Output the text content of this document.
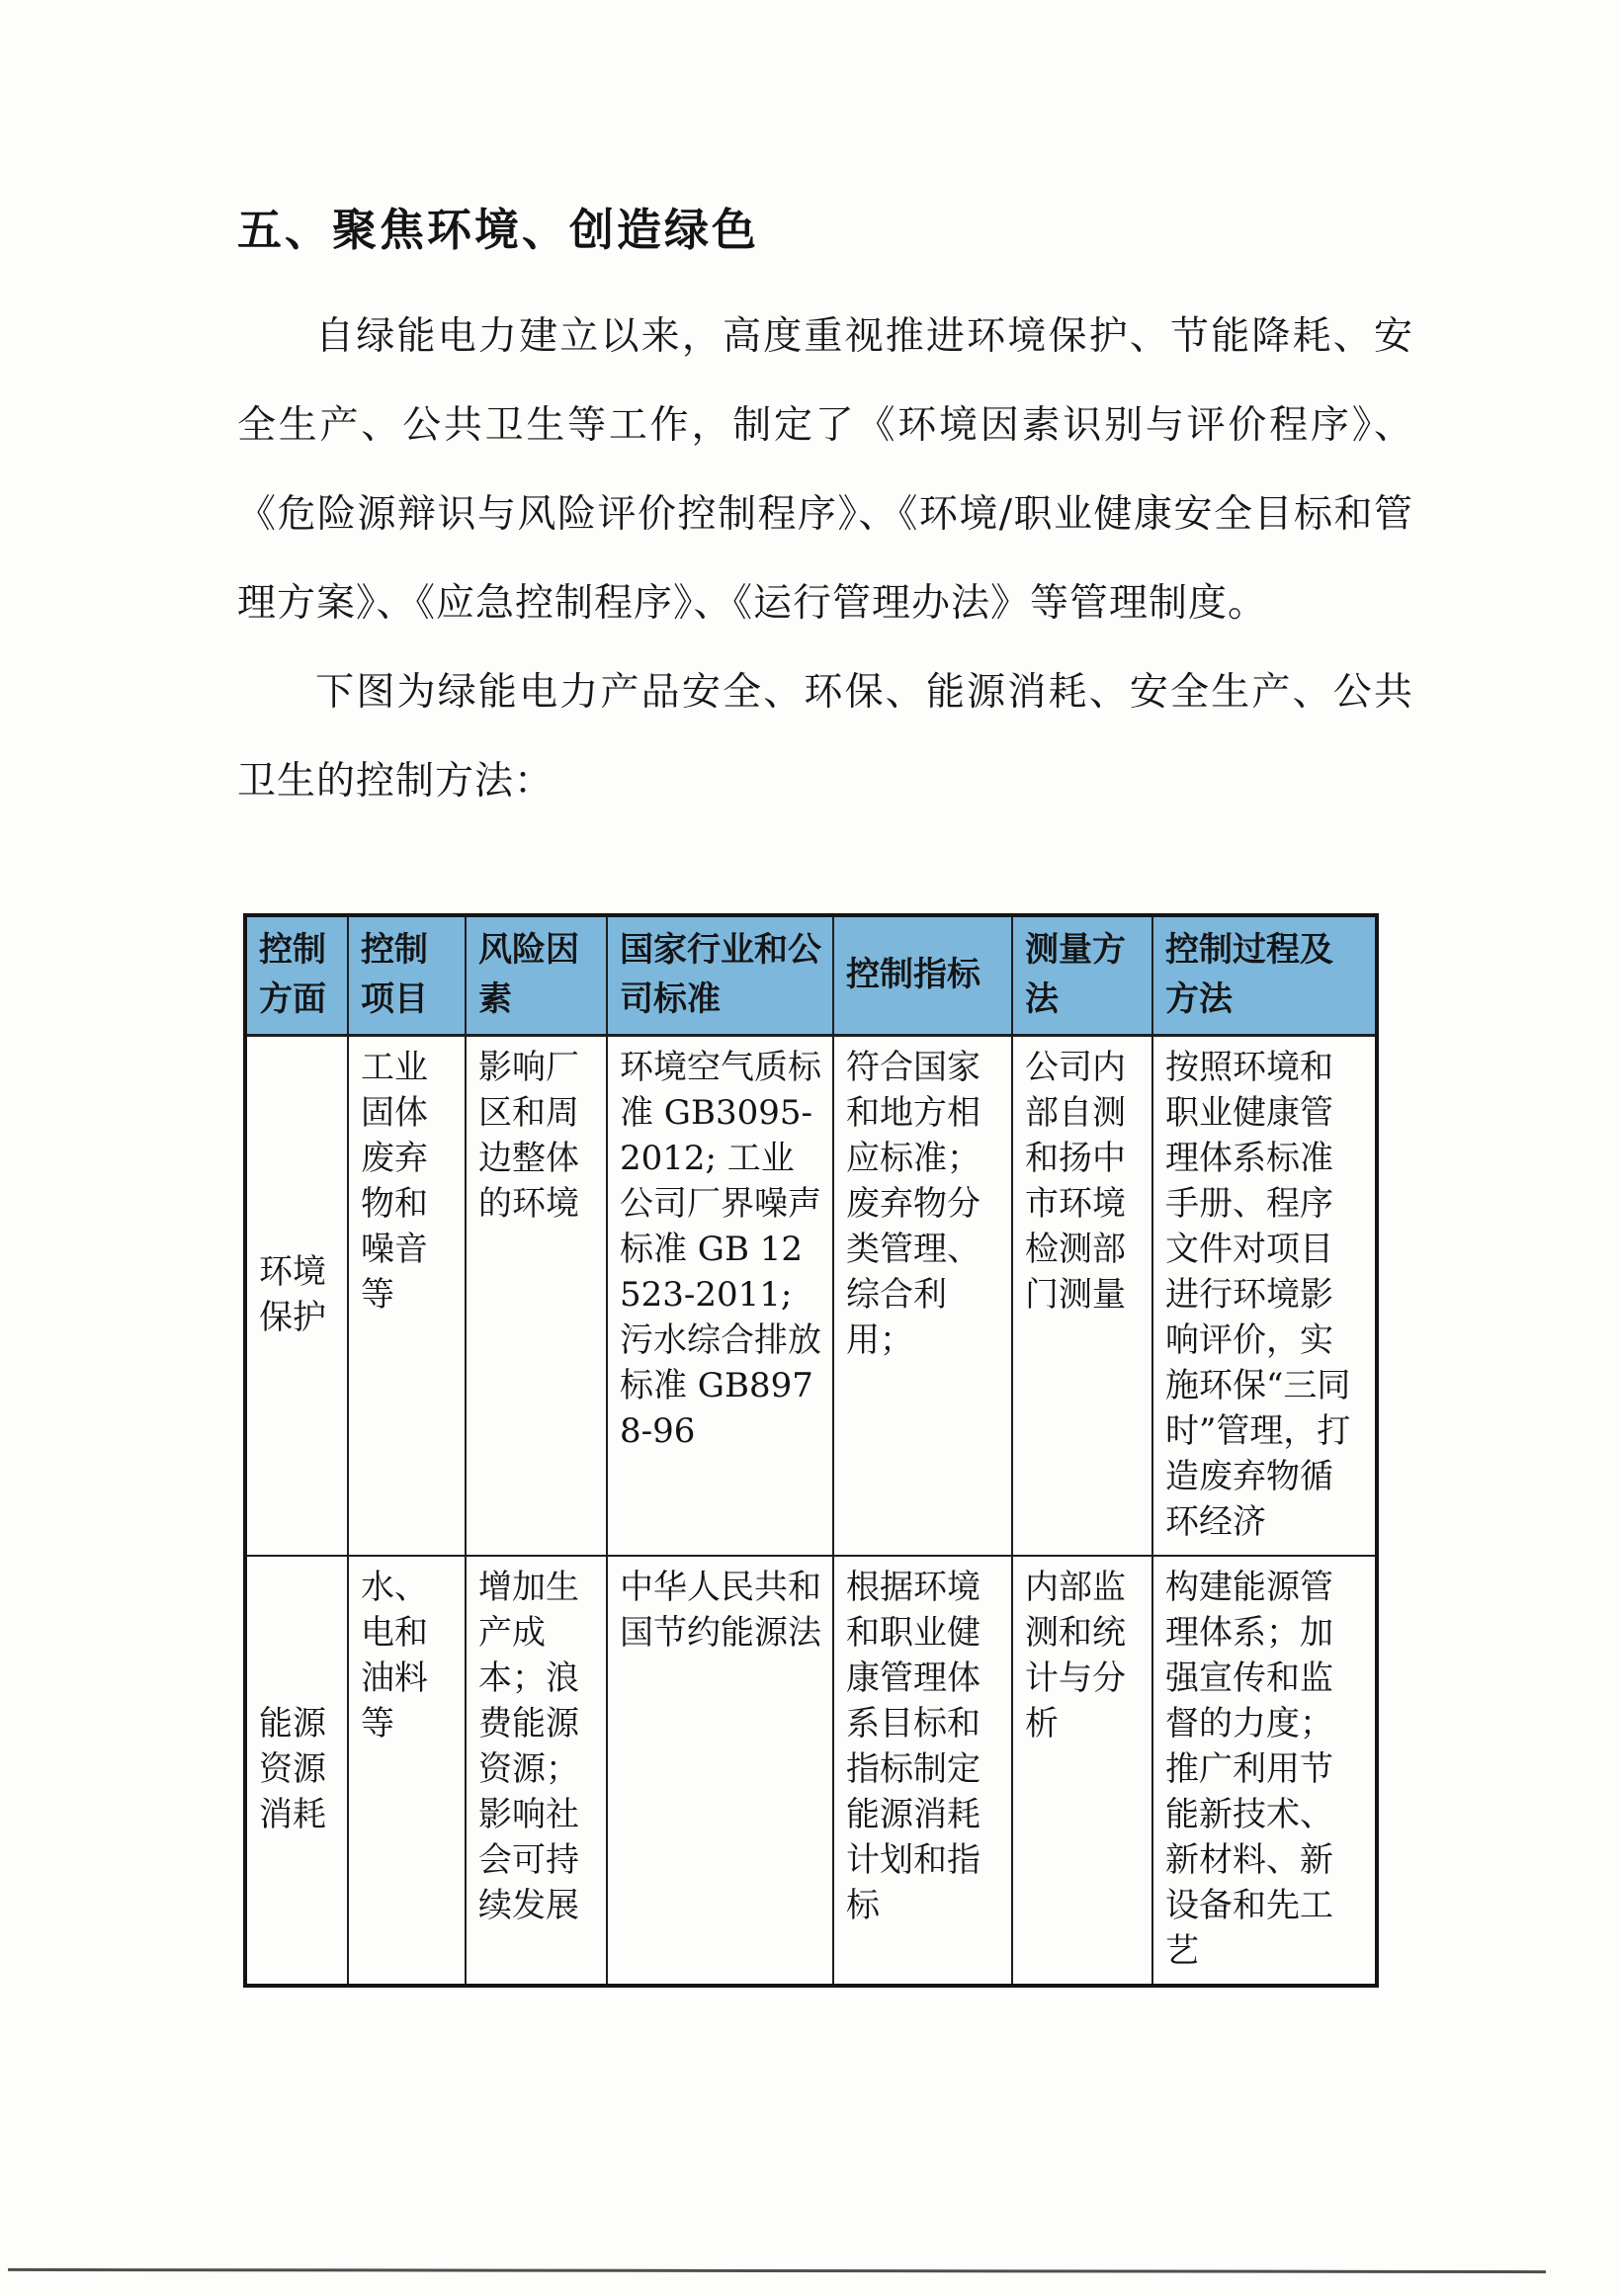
五、聚焦环境、创造绿色
自绿能电力建立以来，高度重视推进环境保护、节能降耗、安全生产、公共卫生等工作，制定了《环境因素识别与评价程序》、《危险源辩识与风险评价控制程序》、《环境/职业健康安全目标和管理方案》、《应急控制程序》、《运行管理办法》等管理制度。
下图为绿能电力产品安全、环保、能源消耗、安全生产、公共卫生的控制方法：
控制方面	控制项目	风险因素	国家行业和公司标准	控制指标	测量方法	控制过程及方法
环境保护	工业固体废弃物和噪音等	影响厂区和周边整体的环境	环境空气质标准 GB3095-2012; 工业公司厂界噪声标准 GB 12523-2011; 污水综合排放标准 GB8978-96	符合国家和地方相应标准；废弃物分类管理、综合利用；	公司内部自测和扬中市环境检测部门测量	按照环境和职业健康管理体系标准手册、程序文件对项目进行环境影响评价，实施环保“三同时”管理，打造废弃物循环经济
能源资源消耗	水、电和油料等	增加生产成本；浪费能源资源；影响社会可持续发展	中华人民共和国节约能源法	根据环境和职业健康管理体系目标和指标制定能源消耗计划和指标	内部监测和统计与分析	构建能源管理体系；加强宣传和监督的力度；推广利用节能新技术、新材料、新设备和先工艺
